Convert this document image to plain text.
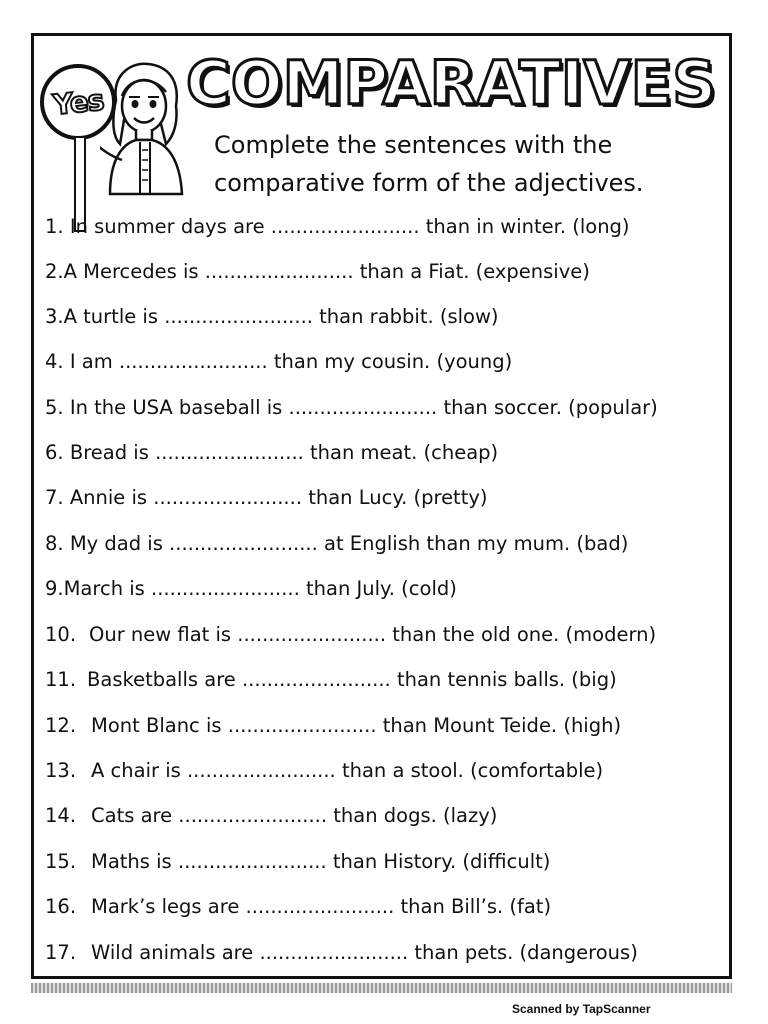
Yes COMPARATIVES
Complete the sentences with the
comparative form of the adjectives.
1. In summer days are ........................ than in winter. (long)
2.A Mercedes is ........................ than a Fiat. (expensive)
3.A turtle is ........................ than rabbit. (slow)
4. I am ........................ than my cousin. (young)
5. In the USA baseball is ........................ than soccer. (popular)
6. Bread is ........................ than meat. (cheap)
7. Annie is ........................ than Lucy. (pretty)
8. My dad is ........................ at English than my mum. (bad)
9.March is ........................ than July. (cold)
10. Our new flat is ........................ than the old one. (modern)
11. Basketballs are ........................ than tennis balls. (big)
12. Mont Blanc is ........................ than Mount Teide. (high)
13. A chair is ........................ than a stool. (comfortable)
14. Cats are ........................ than dogs. (lazy)
15. Maths is ........................ than History. (difficult)
16. Mark’s legs are ........................ than Bill’s. (fat)
17. Wild animals are ........................ than pets. (dangerous)
Scanned by TapScanner
